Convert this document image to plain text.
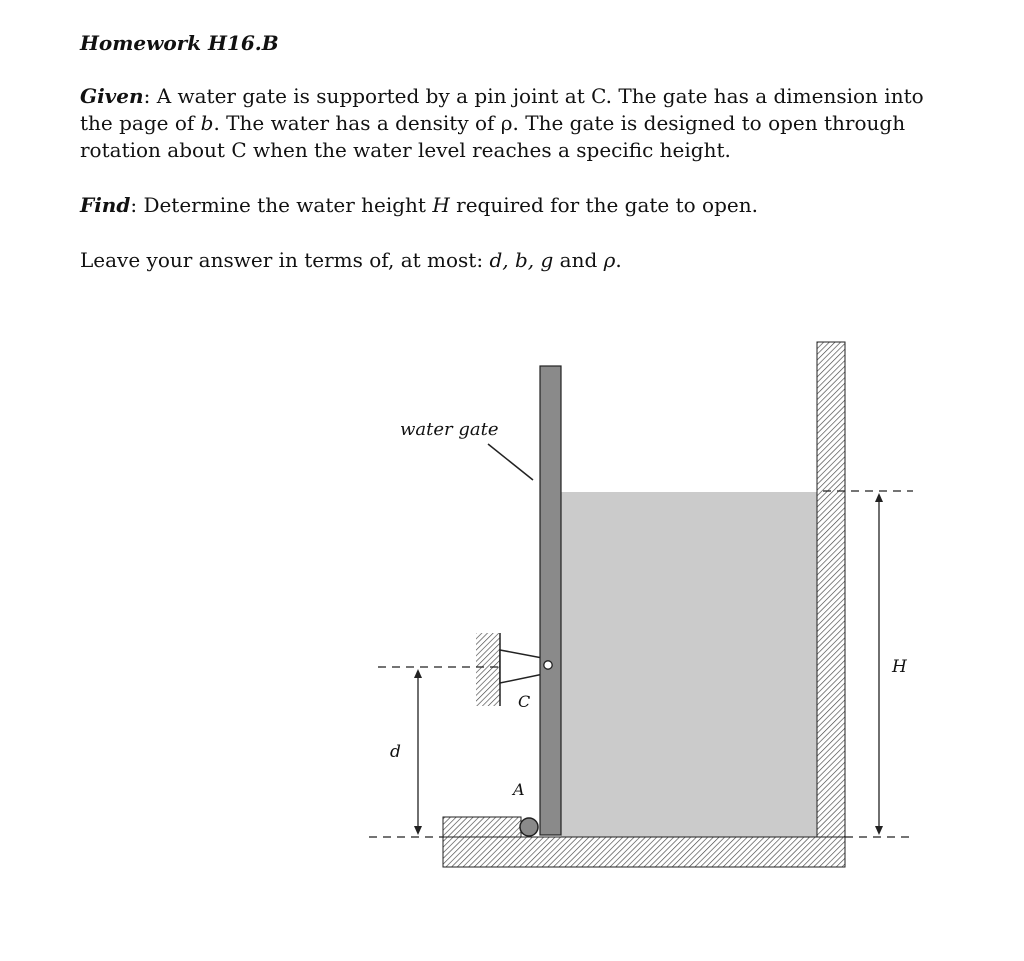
Homework H16.B

Given: A water gate is supported by a pin joint at C. The gate has a dimension into the page of b. The water has a density of ρ. The gate is designed to open through rotation about C when the water level reaches a specific height.

Find: Determine the water height H required for the gate to open.

Leave your answer in terms of, at most: d, b, g and ρ.

water gate
C
A
d
H
